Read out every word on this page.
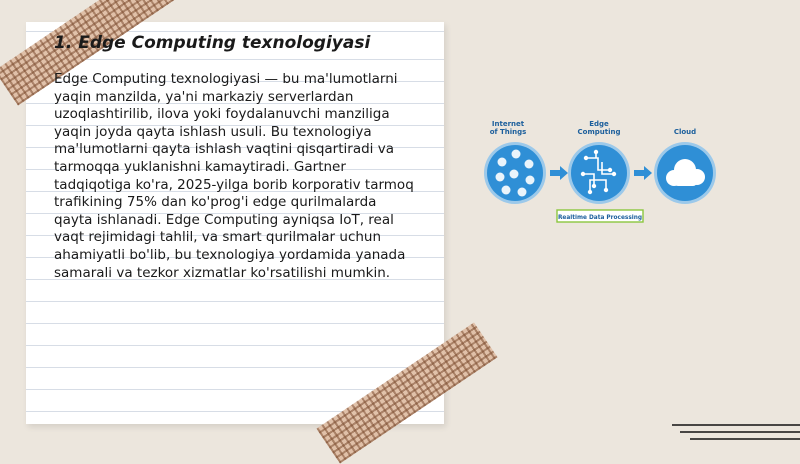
1. Edge Computing texnologiyasi

Edge Computing texnologiyasi — bu ma'lumotlarni yaqin manzilda, ya'ni markaziy serverlardan uzoqlashtirilib, ilova yoki foydalanuvchi manziliga yaqin joyda qayta ishlash usuli. Bu texnologiya ma'lumotlarni qayta ishlash vaqtini qisqartiradi va tarmoqqa yuklanishni kamaytiradi. Gartner tadqiqotiga ko'ra, 2025-yilga borib korporativ tarmoq trafikining 75% dan ko'prog'i edge qurilmalarda qayta ishlanadi. Edge Computing ayniqsa IoT, real vaqt rejimidagi tahlil, va smart qurilmalar uchun ahamiyatli bo'lib, bu texnologiya yordamida yanada samarali va tezkor xizmatlar ko'rsatilishi mumkin.

Internet
of Things
Edge
Computing	Cloud
Realtime Data Processing
